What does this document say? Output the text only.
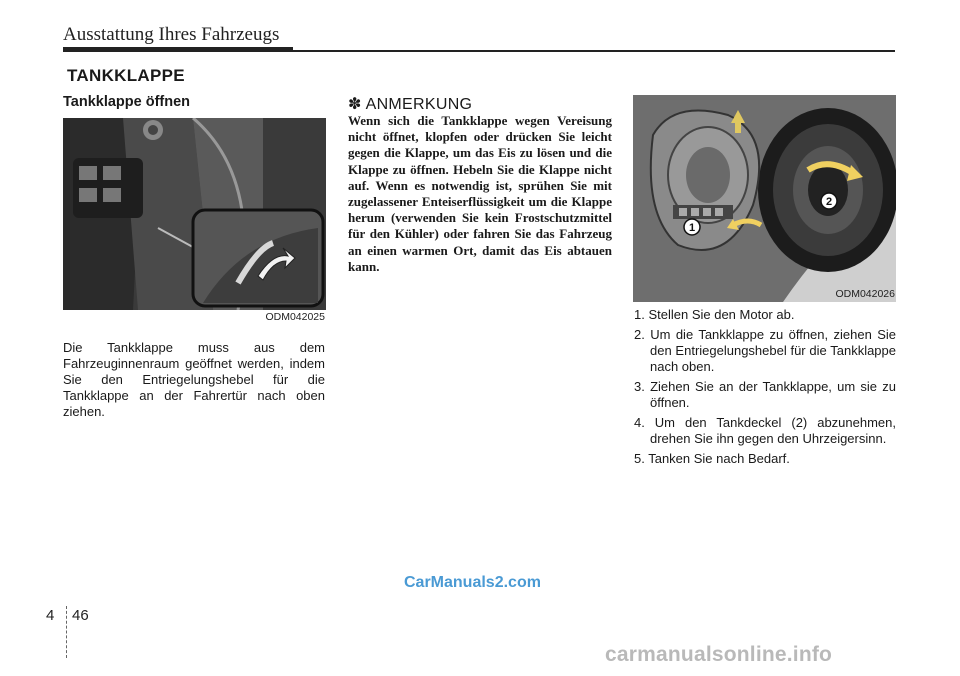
Ausstattung Ihres Fahrzeugs
TANKKLAPPE
Tankklappe öffnen
ODM042025
Die Tankklappe muss aus dem Fahrzeuginnenraum geöffnet werden, indem Sie den Entriegelungshebel für die Tankklappe an der Fahrertür nach oben ziehen.
✽ ANMERKUNG
Wenn sich die Tankklappe wegen Vereisung nicht öffnet, klopfen oder drücken Sie leicht gegen die Klappe, um das Eis zu lösen und die Klappe zu öffnen. Hebeln Sie die Klappe nicht auf. Wenn es notwendig ist, sprühen Sie mit zugelassener Enteiserflüssigkeit um die Klappe herum (verwenden Sie kein Frostschutzmittel für den Kühler) oder fahren Sie das Fahrzeug an einen warmen Ort, damit das Eis abtauen kann.
1
2
ODM042026
1. Stellen Sie den Motor ab.
2. Um die Tankklappe zu öffnen, ziehen Sie den Entriegelungshebel für die Tankklappe nach oben.
3. Ziehen Sie an der Tankklappe, um sie zu öffnen.
4. Um den Tankdeckel (2) abzunehmen, drehen Sie ihn gegen den Uhrzeigersinn.
5. Tanken Sie nach Bedarf.
CarManuals2.com
4 46
carmanualsonline.info
